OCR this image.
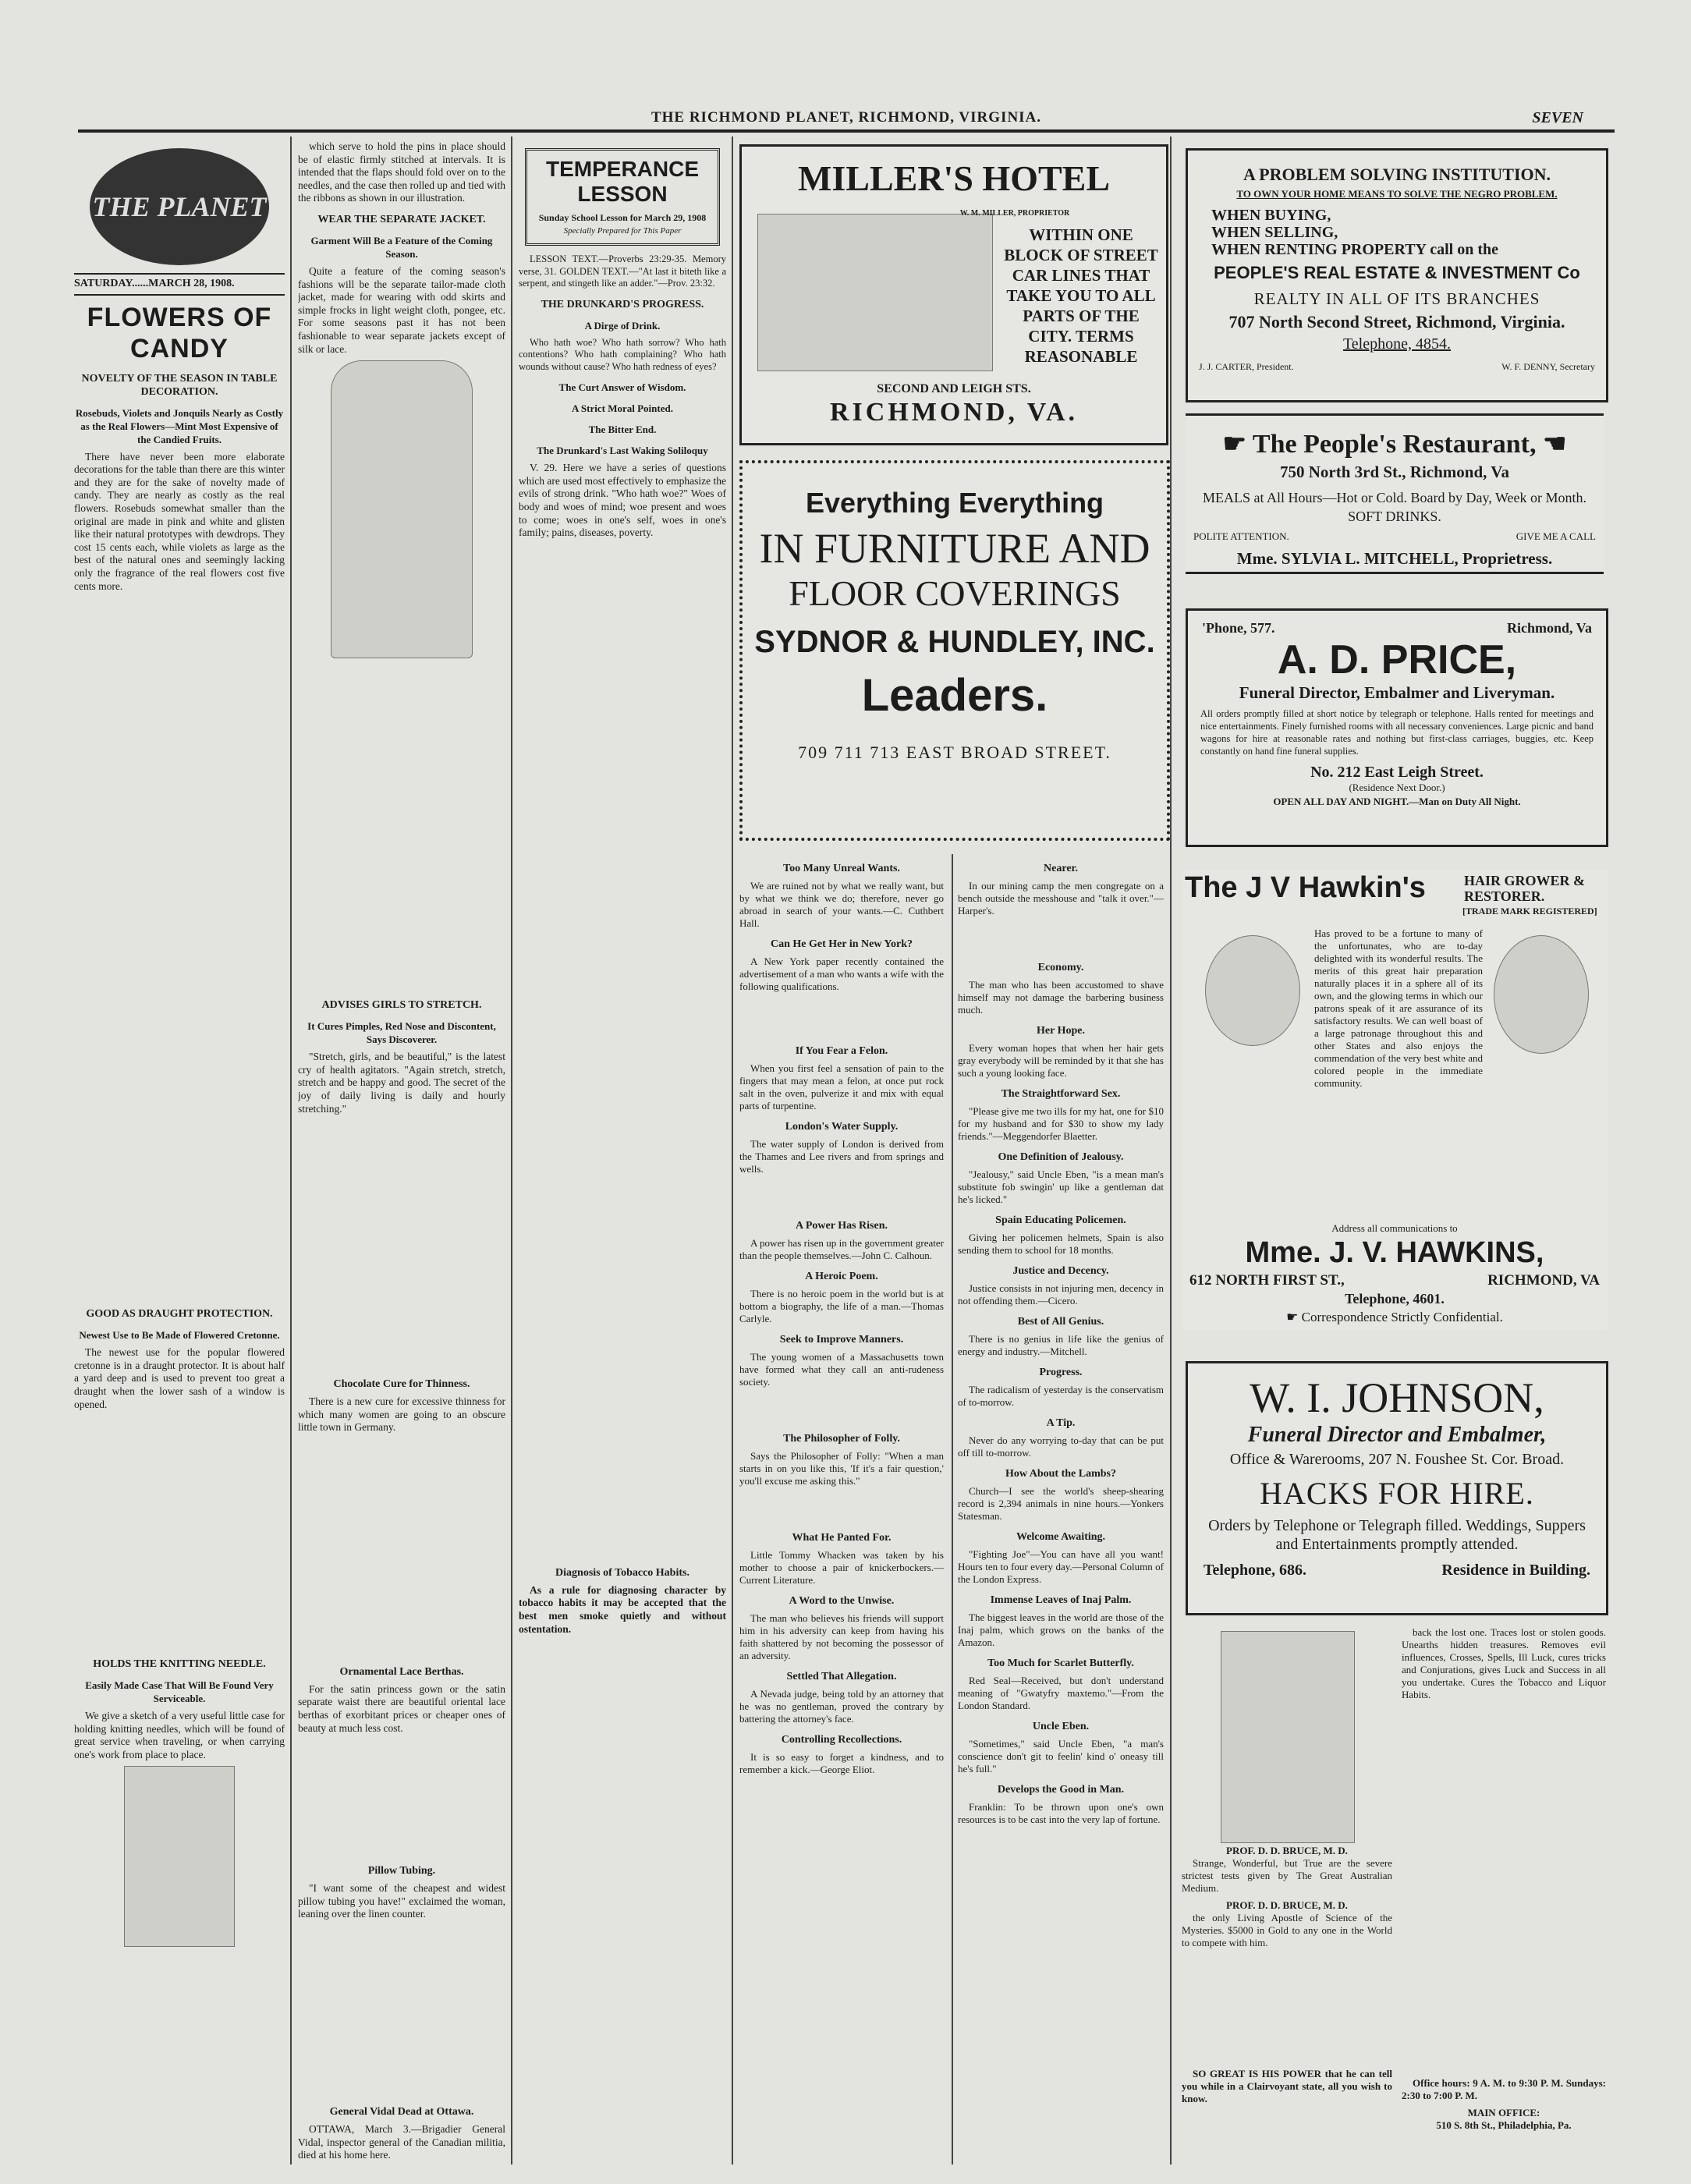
THE RICHMOND PLANET, RICHMOND, VIRGINIA.	SEVEN
THE PLANET
SATURDAY......MARCH 28, 1908.
FLOWERS OF CANDY
NOVELTY OF THE SEASON IN TABLE DECORATION.
Rosebuds, Violets and Jonquils Nearly as Costly as the Real Flowers—Mint Most Expensive of the Candied Fruits.

There have never been more elaborate decorations for the table than there are this winter and they are for the sake of novelty made of candy. They are nearly as costly as the real flowers. Rosebuds somewhat smaller than the original are made in pink and white and glisten like their natural prototypes with dewdrops. They cost 15 cents each, while violets as large as the best of the natural ones and seemingly lacking only the fragrance of the real flowers cost five cents more.

GOOD AS DRAUGHT PROTECTION.
Newest Use to Be Made of Flowered Cretonne.

The newest use for the popular flowered cretonne is in a draught protector. It is about half a yard deep and is used to prevent too great a draught when the lower sash of a window is opened.

HOLDS THE KNITTING NEEDLE.
Easily Made Case That Will Be Found Very Serviceable.

We give a sketch of a very useful little case for holding knitting needles, which will be found of great service when traveling, or when carrying one's work from place to place.

which serve to hold the pins in place should be of elastic firmly stitched at intervals. It is intended that the flaps should fold over on to the needles, and the case then rolled up and tied with the ribbons as shown in our illustration.

WEAR THE SEPARATE JACKET.
Garment Will Be a Feature of the Coming Season.

Quite a feature of the coming season's fashions will be the separate tailor-made cloth jacket, made for wearing with odd skirts and simple frocks in light weight cloth, pongee, etc. For some seasons past it has not been fashionable to wear separate jackets except of silk or lace.

ADVISES GIRLS TO STRETCH.
It Cures Pimples, Red Nose and Discontent, Says Discoverer.

"Stretch, girls, and be beautiful," is the latest cry of health agitators. "Again stretch, stretch, stretch and be happy and good. The secret of the joy of daily living is daily and hourly stretching."

Chocolate Cure for Thinness.

There is a new cure for excessive thinness for which many women are going to an obscure little town in Germany.

Ornamental Lace Berthas.

For the satin princess gown or the satin separate waist there are beautiful oriental lace berthas of exorbitant prices or cheaper ones of beauty at much less cost.

Pillow Tubing.

"I want some of the cheapest and widest pillow tubing you have!" exclaimed the woman, leaning over the linen counter.

General Vidal Dead at Ottawa.

OTTAWA, March 3.—Brigadier General Vidal, inspector general of the Canadian militia, died at his home here.

TEMPERANCE LESSON
Sunday School Lesson for March 29, 1908
Specially Prepared for This Paper

LESSON TEXT.—Proverbs 23:29-35. Memory verse, 31. GOLDEN TEXT.—"At last it biteth like a serpent, and stingeth like an adder."—Prov. 23:32.

THE DRUNKARD'S PROGRESS.
A Dirge of Drink.

Who hath woe? Who hath sorrow? Who hath contentions? Who hath complaining? Who hath wounds without cause? Who hath redness of eyes?

The Curt Answer of Wisdom.
A Strict Moral Pointed.
The Bitter End.
The Drunkard's Last Waking Soliloquy

V. 29. Here we have a series of questions which are used most effectively to emphasize the evils of strong drink. "Who hath woe?" Woes of body and woes of mind; woe present and woes to come; woes in one's self, woes in one's family; pains, diseases, poverty.

Diagnosis of Tobacco Habits.

As a rule for diagnosing character by tobacco habits it may be accepted that the best men smoke quietly and without ostentation.

MILLER'S HOTEL
W. M. MILLER, PROPRIETOR
WITHIN ONE BLOCK OF STREET CAR LINES THAT TAKE YOU TO ALL PARTS OF THE CITY. TERMS REASONABLE
SECOND AND LEIGH STS.
RICHMOND, VA.
Everything Everything
IN FURNITURE AND
FLOOR COVERINGS
SYDNOR & HUNDLEY, INC.
Leaders.
709 711 713 EAST BROAD STREET.
Too Many Unreal Wants.

We are ruined not by what we really want, but by what we think we do; therefore, never go abroad in search of your wants.—C. Cuthbert Hall.

Can He Get Her in New York?

A New York paper recently contained the advertisement of a man who wants a wife with the following qualifications.

If You Fear a Felon.

When you first feel a sensation of pain to the fingers that may mean a felon, at once put rock salt in the oven, pulverize it and mix with equal parts of turpentine.

London's Water Supply.

The water supply of London is derived from the Thames and Lee rivers and from springs and wells.

A Power Has Risen.

A power has risen up in the government greater than the people themselves.—John C. Calhoun.

A Heroic Poem.

There is no heroic poem in the world but is at bottom a biography, the life of a man.—Thomas Carlyle.

Seek to Improve Manners.

The young women of a Massachusetts town have formed what they call an anti-rudeness society.

The Philosopher of Folly.

Says the Philosopher of Folly: "When a man starts in on you like this, 'If it's a fair question,' you'll excuse me asking this."

What He Panted For.

Little Tommy Whacken was taken by his mother to choose a pair of knickerbockers.—Current Literature.

A Word to the Unwise.

The man who believes his friends will support him in his adversity can keep from having his faith shattered by not becoming the possessor of an adversity.

Settled That Allegation.

A Nevada judge, being told by an attorney that he was no gentleman, proved the contrary by battering the attorney's face.

Controlling Recollections.

It is so easy to forget a kindness, and to remember a kick.—George Eliot.

Nearer.

In our mining camp the men congregate on a bench outside the messhouse and "talk it over."—Harper's.

Economy.

The man who has been accustomed to shave himself may not damage the barbering business much.

Her Hope.

Every woman hopes that when her hair gets gray everybody will be reminded by it that she has such a young looking face.

The Straightforward Sex.

"Please give me two ills for my hat, one for $10 for my husband and for $30 to show my lady friends."—Meggendorfer Blaetter.

One Definition of Jealousy.

"Jealousy," said Uncle Eben, "is a mean man's substitute fob swingin' up like a gentleman dat he's licked."

Spain Educating Policemen.

Giving her policemen helmets, Spain is also sending them to school for 18 months.

Justice and Decency.

Justice consists in not injuring men, decency in not offending them.—Cicero.

Best of All Genius.

There is no genius in life like the genius of energy and industry.—Mitchell.

Progress.

The radicalism of yesterday is the conservatism of to-morrow.

A Tip.

Never do any worrying to-day that can be put off till to-morrow.

How About the Lambs?

Church—I see the world's sheep-shearing record is 2,394 animals in nine hours.—Yonkers Statesman.

Welcome Awaiting.

"Fighting Joe"—You can have all you want! Hours ten to four every day.—Personal Column of the London Express.

Immense Leaves of Inaj Palm.

The biggest leaves in the world are those of the Inaj palm, which grows on the banks of the Amazon.

Too Much for Scarlet Butterfly.

Red Seal—Received, but don't understand meaning of "Gwatyfry maxtemo."—From the London Standard.

Uncle Eben.

"Sometimes," said Uncle Eben, "a man's conscience don't git to feelin' kind o' oneasy till he's full."

Develops the Good in Man.

Franklin: To be thrown upon one's own resources is to be cast into the very lap of fortune.

A PROBLEM SOLVING INSTITUTION.
TO OWN YOUR HOME MEANS TO SOLVE THE NEGRO PROBLEM.
WHEN BUYING,
WHEN SELLING,
WHEN RENTING PROPERTY call on the
PEOPLE'S REAL ESTATE & INVESTMENT Co
REALTY IN ALL OF ITS BRANCHES
707 North Second Street, Richmond, Virginia.
Telephone, 4854.
J. J. CARTER, President.	W. F. DENNY, Secretary
☛ The People's Restaurant, ☚
750 North 3rd St., Richmond, Va
MEALS at All Hours—Hot or Cold. Board by Day, Week or Month. SOFT DRINKS.
POLITE ATTENTION.	GIVE ME A CALL
Mme. SYLVIA L. MITCHELL, Proprietress.
'Phone, 577.	Richmond, Va
A. D. PRICE,
Funeral Director, Embalmer and Liveryman.
All orders promptly filled at short notice by telegraph or telephone. Halls rented for meetings and nice entertainments. Finely furnished rooms with all necessary conveniences. Large picnic and band wagons for hire at reasonable rates and nothing but first-class carriages, buggies, etc. Keep constantly on hand fine funeral supplies.
No. 212 East Leigh Street.
(Residence Next Door.)
OPEN ALL DAY AND NIGHT.—Man on Duty All Night.
The J V Hawkin's	HAIR GROWER & RESTORER.
[TRADE MARK REGISTERED]
Has proved to be a fortune to many of the unfortunates, who are to-day delighted with its wonderful results. The merits of this great hair preparation naturally places it in a sphere all of its own, and the glowing terms in which our patrons speak of it are assurance of its satisfactory results. We can well boast of a large patronage throughout this and other States and also enjoys the commendation of the very best white and colored people in the immediate community.
Address all communications to
Mme. J. V. HAWKINS,
612 NORTH FIRST ST.,	RICHMOND, VA
Telephone, 4601.
☛ Correspondence Strictly Confidential.
W. I. JOHNSON,
Funeral Director and Embalmer,
Office & Warerooms, 207 N. Foushee St. Cor. Broad.
HACKS FOR HIRE.
Orders by Telephone or Telegraph filled. Weddings, Suppers and Entertainments promptly attended.
Telephone, 686.	Residence in Building.
PROF. D. D. BRUCE, M. D.

Strange, Wonderful, but True are the severe strictest tests given by The Great Australian Medium.

PROF. D. D. BRUCE, M. D.

the only Living Apostle of Science of the Mysteries. $5000 in Gold to any one in the World to compete with him.

SO GREAT IS HIS POWER that he can tell you while in a Clairvoyant state, all you wish to know.

back the lost one. Traces lost or stolen goods. Unearths hidden treasures. Removes evil influences, Crosses, Spells, Ill Luck, cures tricks and Conjurations, gives Luck and Success in all you undertake. Cures the Tobacco and Liquor Habits.

Office hours: 9 A. M. to 9:30 P. M. Sundays: 2:30 to 7:00 P. M.

MAIN OFFICE:
510 S. 8th St., Philadelphia, Pa.
